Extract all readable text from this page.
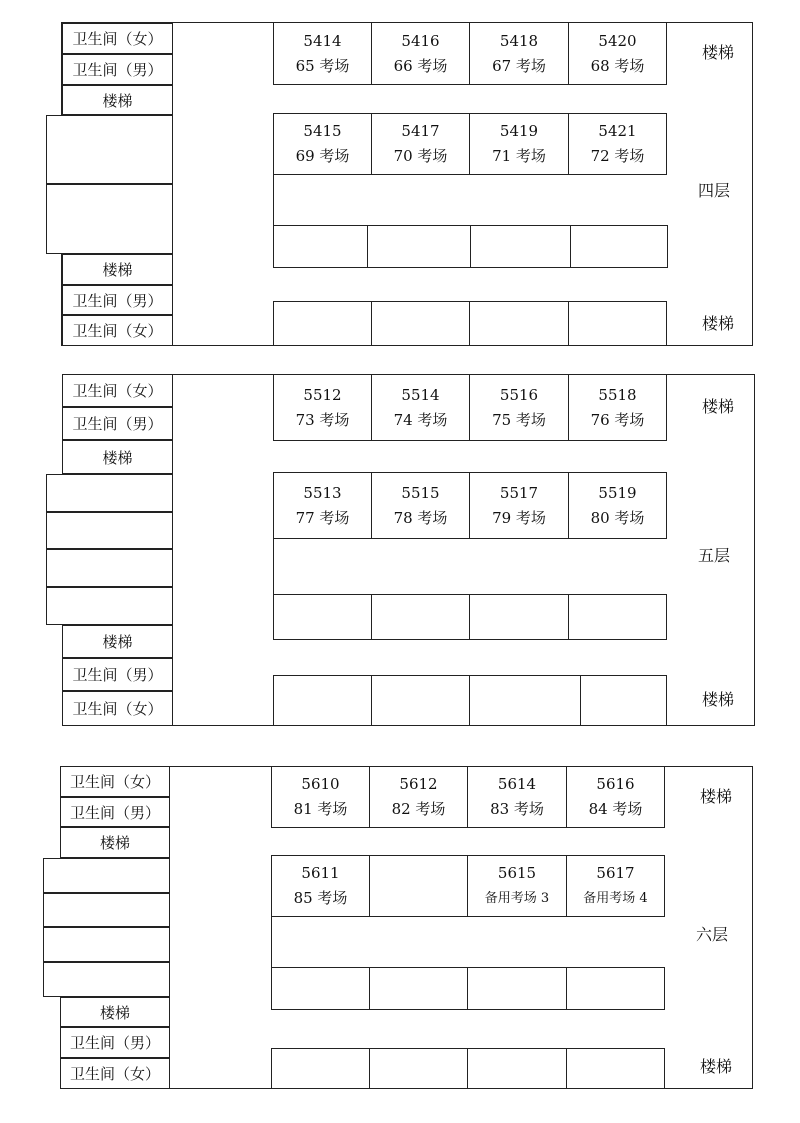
卫生间（女）
卫生间（男）
楼梯
楼梯
卫生间（男）
卫生间（女）
5414
65 考场
5416
66 考场
5418
67 考场
5420
68 考场
楼梯
5415
69 考场
5417
70 考场
5419
71 考场
5421
72 考场
四层
楼梯
卫生间（女）
卫生间（男）
楼梯
楼梯
卫生间（男）
卫生间（女）
5512
73 考场
5514
74 考场
5516
75 考场
5518
76 考场
楼梯
5513
77 考场
5515
78 考场
5517
79 考场
5519
80 考场
五层
楼梯
卫生间（女）
卫生间（男）
楼梯
楼梯
卫生间（男）
卫生间（女）
5610
81 考场
5612
82 考场
5614
83 考场
5616
84 考场
楼梯
5611
85 考场
5615
备用考场 3
5617
备用考场 4
六层
楼梯
